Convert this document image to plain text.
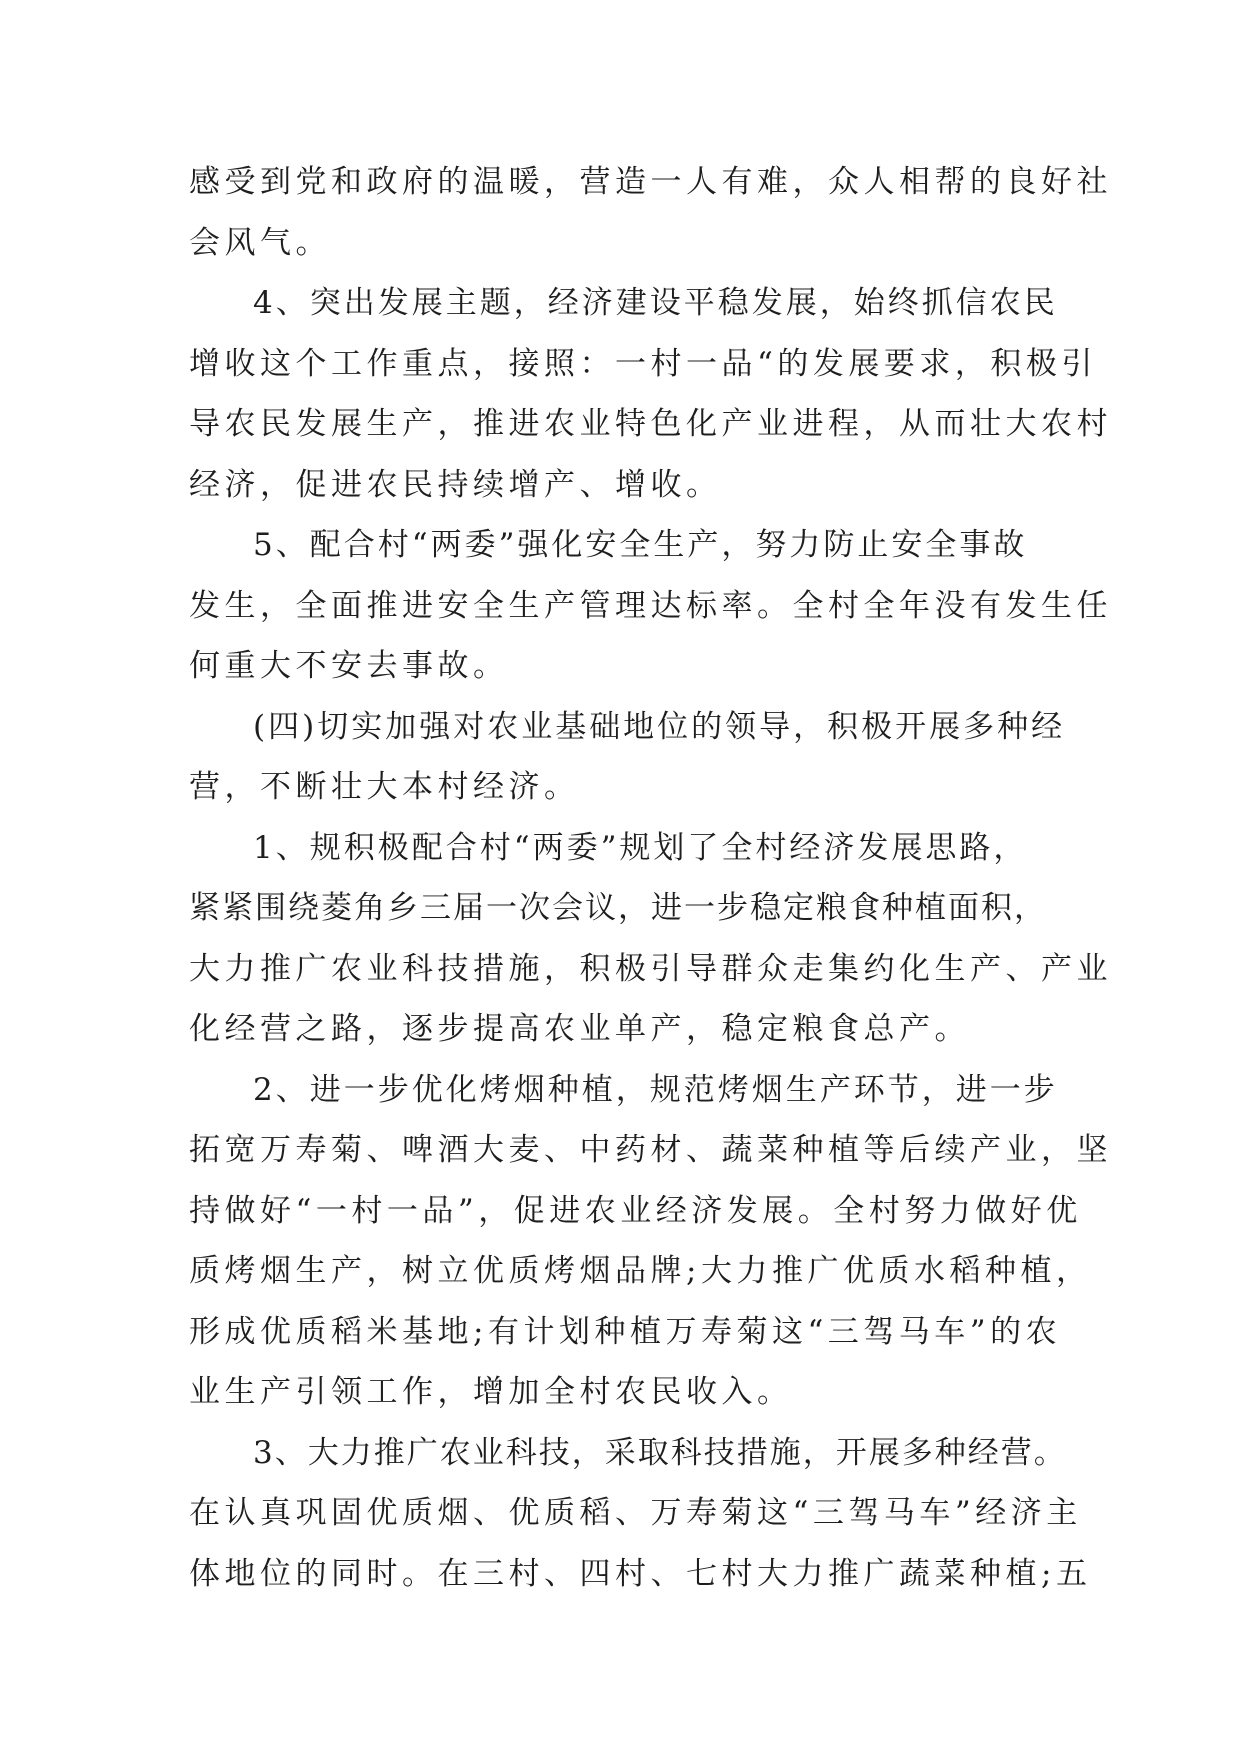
感受到党和政府的温暖，营造一人有难，众人相帮的良好社
会风气。
4、突出发展主题，经济建设平稳发展，始终抓信农民
增收这个工作重点，接照：一村一品“的发展要求，积极引
导农民发展生产，推进农业特色化产业进程，从而壮大农村
经济，促进农民持续增产、增收。
5、配合村“两委”强化安全生产，努力防止安全事故
发生，全面推进安全生产管理达标率。全村全年没有发生任
何重大不安去事故。
(四)切实加强对农业基础地位的领导，积极开展多种经
营，不断壮大本村经济。
1、规积极配合村“两委”规划了全村经济发展思路，
紧紧围绕菱角乡三届一次会议，进一步稳定粮食种植面积，
大力推广农业科技措施，积极引导群众走集约化生产、产业
化经营之路，逐步提高农业单产，稳定粮食总产。
2、进一步优化烤烟种植，规范烤烟生产环节，进一步
拓宽万寿菊、啤酒大麦、中药材、蔬菜种植等后续产业，坚
持做好“一村一品”，促进农业经济发展。全村努力做好优
质烤烟生产，树立优质烤烟品牌;大力推广优质水稻种植，
形成优质稻米基地;有计划种植万寿菊这“三驾马车”的农
业生产引领工作，增加全村农民收入。
3、大力推广农业科技，采取科技措施，开展多种经营。
在认真巩固优质烟、优质稻、万寿菊这“三驾马车”经济主
体地位的同时。在三村、四村、七村大力推广蔬菜种植;五
